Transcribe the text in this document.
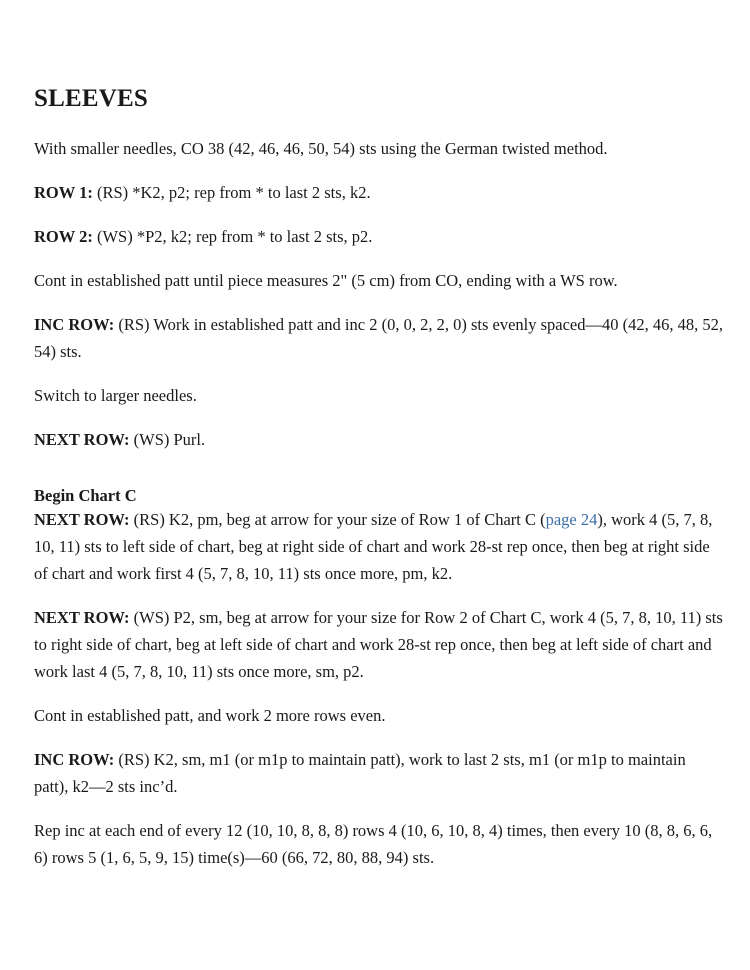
SLEEVES

With smaller needles, CO 38 (42, 46, 46, 50, 54) sts using the German twisted method.

ROW 1: (RS) *K2, p2; rep from * to last 2 sts, k2.

ROW 2: (WS) *P2, k2; rep from * to last 2 sts, p2.

Cont in established patt until piece measures 2" (5 cm) from CO, ending with a WS row.

INC ROW: (RS) Work in established patt and inc 2 (0, 0, 2, 2, 0) sts evenly spaced—40 (42, 46, 48, 52, 54) sts.

Switch to larger needles.

NEXT ROW: (WS) Purl.

Begin Chart C

NEXT ROW: (RS) K2, pm, beg at arrow for your size of Row 1 of Chart C (page 24), work 4 (5, 7, 8, 10, 11) sts to left side of chart, beg at right side of chart and work 28-st rep once, then beg at right side of chart and work first 4 (5, 7, 8, 10, 11) sts once more, pm, k2.

NEXT ROW: (WS) P2, sm, beg at arrow for your size for Row 2 of Chart C, work 4 (5, 7, 8, 10, 11) sts to right side of chart, beg at left side of chart and work 28-st rep once, then beg at left side of chart and work last 4 (5, 7, 8, 10, 11) sts once more, sm, p2.

Cont in established patt, and work 2 more rows even.

INC ROW: (RS) K2, sm, m1 (or m1p to maintain patt), work to last 2 sts, m1 (or m1p to maintain patt), k2—2 sts inc’d.

Rep inc at each end of every 12 (10, 10, 8, 8, 8) rows 4 (10, 6, 10, 8, 4) times, then every 10 (8, 8, 6, 6, 6) rows 5 (1, 6, 5, 9, 15) time(s)—60 (66, 72, 80, 88, 94) sts.
